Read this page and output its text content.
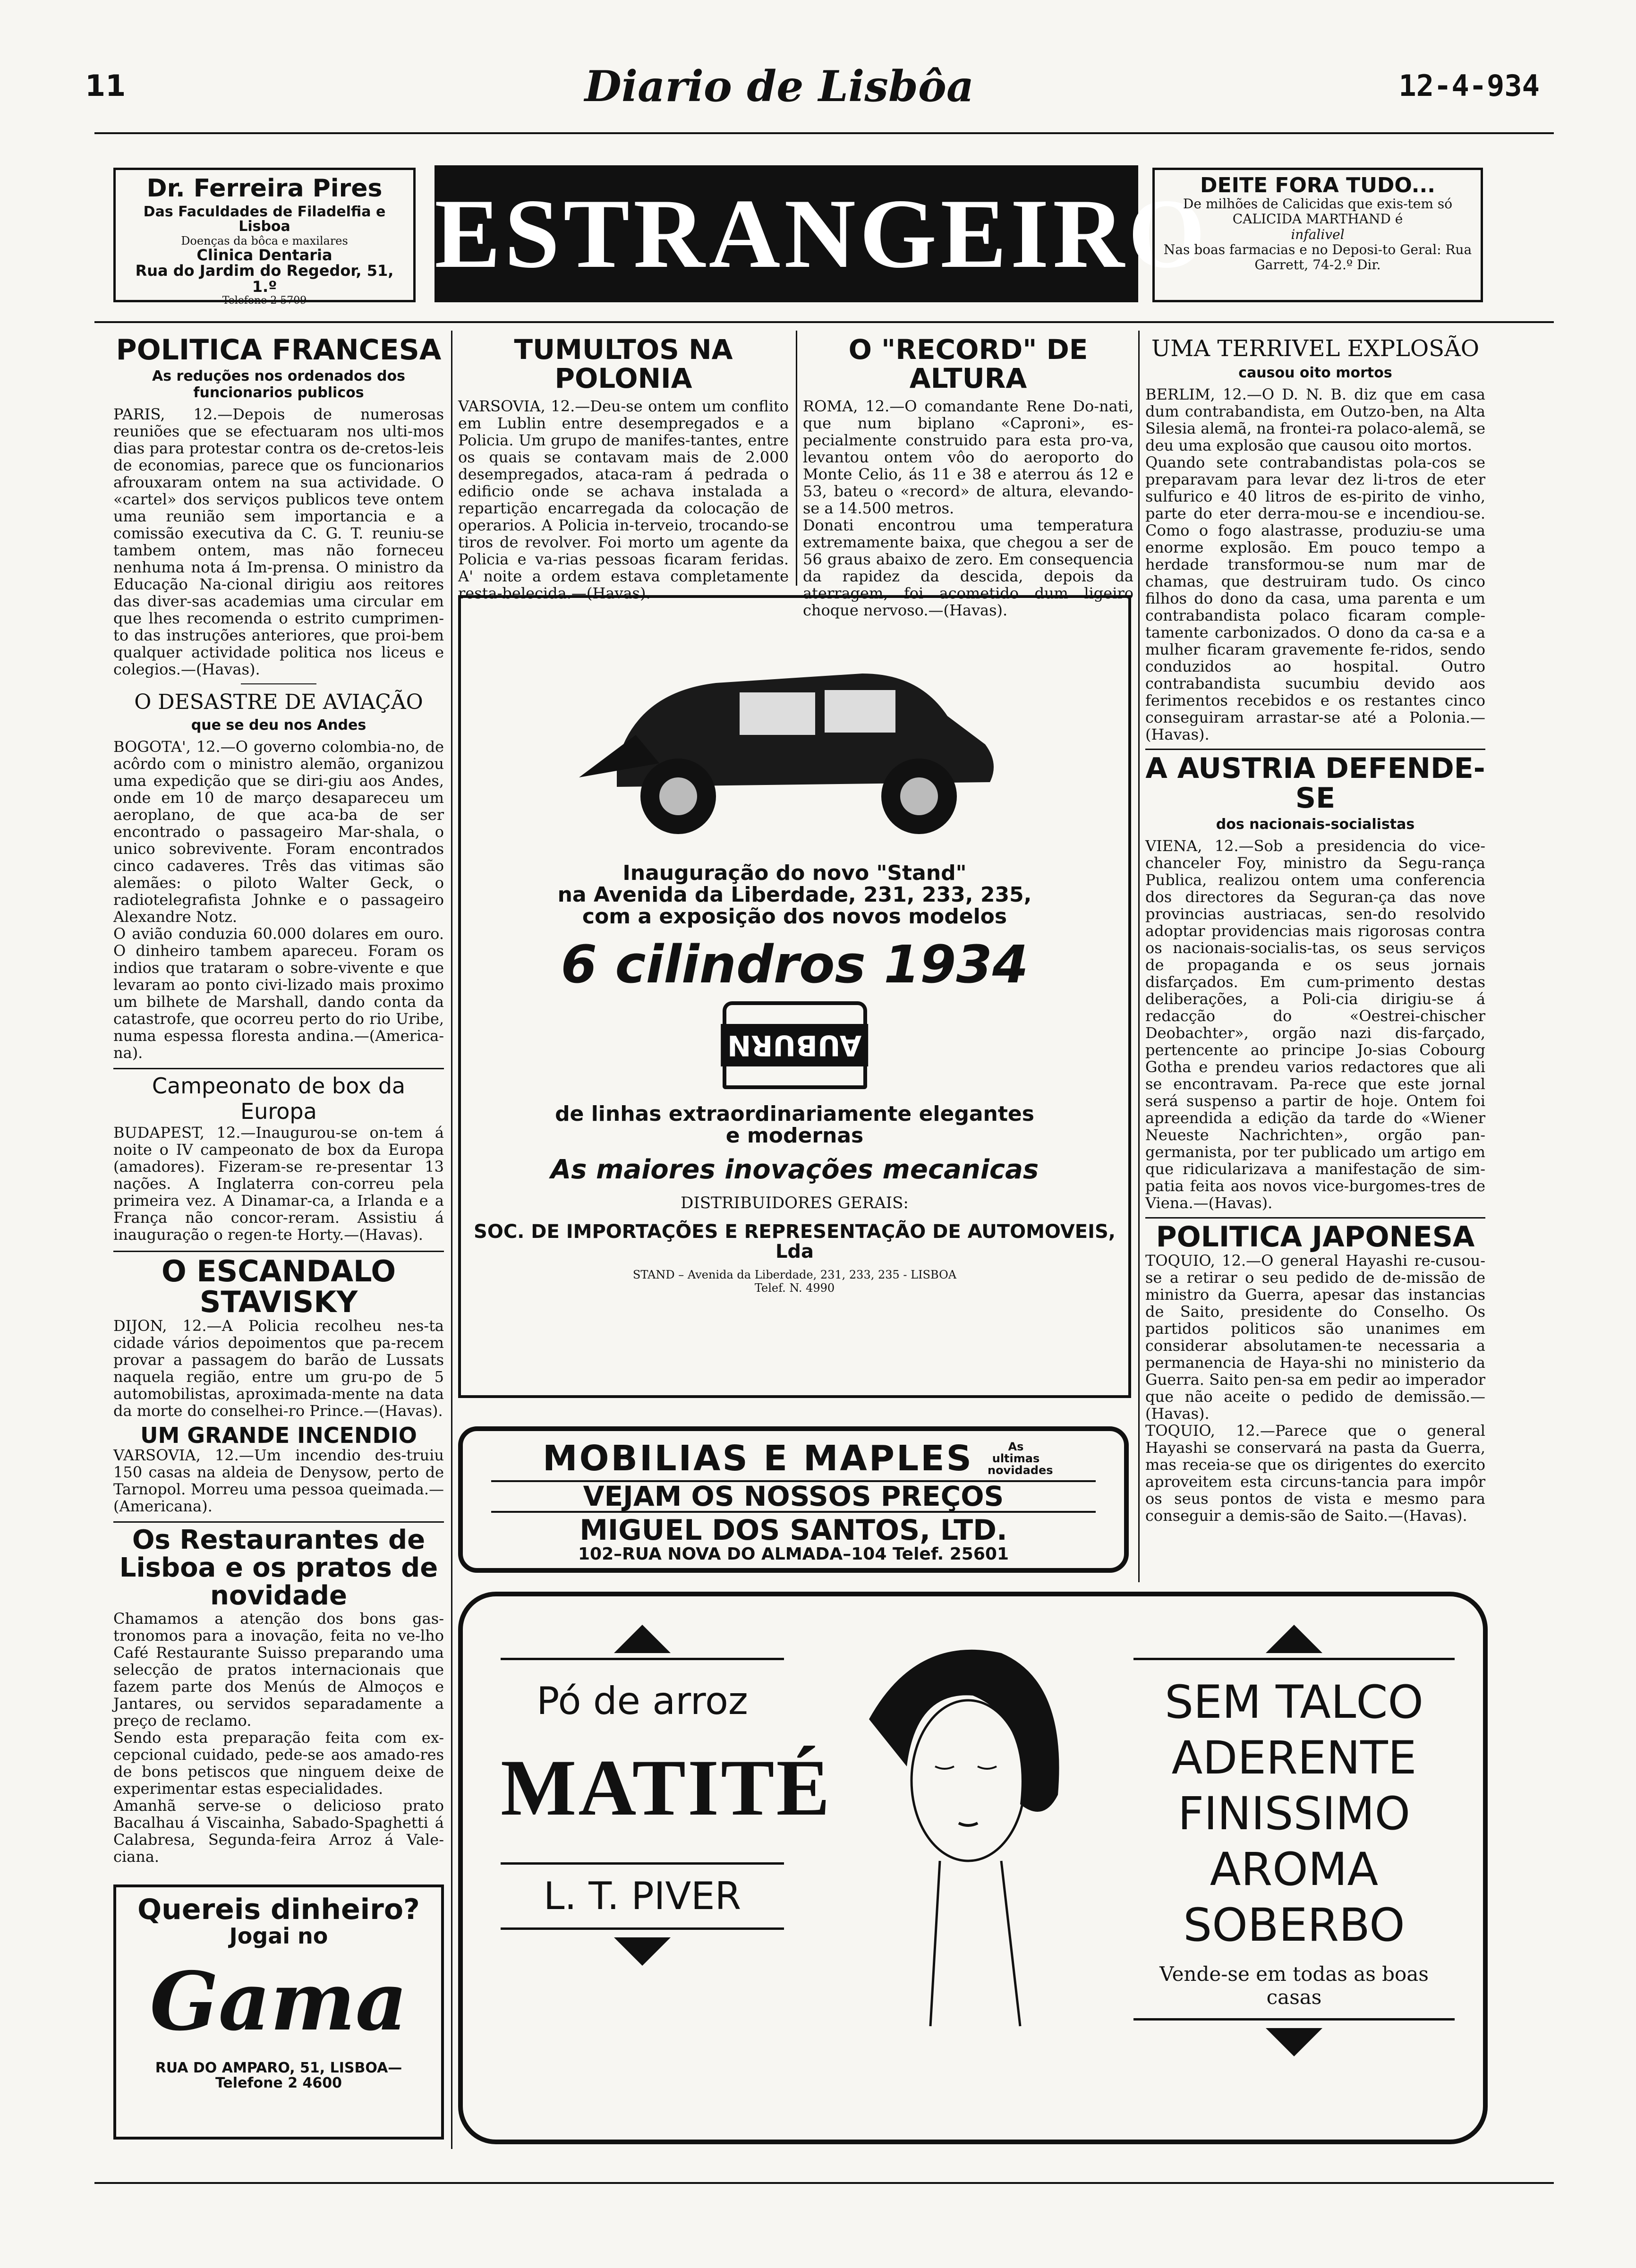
11	Diario de Lisbôa	12-4-934
Dr. Ferreira Pires
Das Faculdades de Filadelfia e Lisboa
Doenças da bôca e maxilares
Clinica Dentaria
Rua do Jardim do Regedor, 51, 1.º
Telefone 2 5709
ESTRANGEIRO
DEITE FORA TUDO...
De milhões de Calicidas que exis-tem só CALICIDA MARTHAND é
infalivel
Nas boas farmacias e no Deposi-to Geral: Rua Garrett, 74-2.º Dir.
POLITICA FRANCESA
As reduções nos ordenados dos funcionarios publicos

PARIS, 12.—Depois de numerosas reuniões que se efectuaram nos ulti-mos dias para protestar contra os de-cretos-leis de economias, parece que os funcionarios afrouxaram ontem na sua actividade. O «cartel» dos serviços publicos teve ontem uma reunião sem importancia e a comissão executiva da C. G. T. reuniu-se tambem ontem, mas não forneceu nenhuma nota á Im-prensa. O ministro da Educação Na-cional dirigiu aos reitores das diver-sas academias uma circular em que lhes recomenda o estrito cumprimen-to das instruções anteriores, que proi-bem qualquer actividade politica nos liceus e colegios.—(Havas).

O DESASTRE DE AVIAÇÃO
que se deu nos Andes

BOGOTA', 12.—O governo colombia-no, de acôrdo com o ministro alemão, organizou uma expedição que se diri-giu aos Andes, onde em 10 de março desapareceu um aeroplano, de que aca-ba de ser encontrado o passageiro Mar-shala, o unico sobrevivente. Foram encontrados cinco cadaveres. Três das vitimas são alemães: o piloto Walter Geck, o radiotelegrafista Johnke e o passageiro Alexandre Notz.
O avião conduzia 60.000 dolares em ouro. O dinheiro tambem apareceu. Foram os indios que trataram o sobre-vivente e que levaram ao ponto civi-lizado mais proximo um bilhete de Marshall, dando conta da catastrofe, que ocorreu perto do rio Uribe, numa espessa floresta andina.—(America-na).

Campeonato de box da Europa

BUDAPEST, 12.—Inaugurou-se on-tem á noite o IV campeonato de box da Europa (amadores). Fizeram-se re-presentar 13 nações. A Inglaterra con-correu pela primeira vez. A Dinamar-ca, a Irlanda e a França não concor-reram. Assistiu á inauguração o regen-te Horty.—(Havas).

O ESCANDALO STAVISKY

DIJON, 12.—A Policia recolheu nes-ta cidade vários depoimentos que pa-recem provar a passagem do barão de Lussats naquela região, entre um gru-po de 5 automobilistas, aproximada-mente na data da morte do conselhei-ro Prince.—(Havas).

UM GRANDE INCENDIO

VARSOVIA, 12.—Um incendio des-truiu 150 casas na aldeia de Denysow, perto de Tarnopol. Morreu uma pessoa queimada.—(Americana).

Os Restaurantes de Lisboa e os pratos de novidade

Chamamos a atenção dos bons gas-tronomos para a inovação, feita no ve-lho Café Restaurante Suisso preparando uma selecção de pratos internacionais que fazem parte dos Menús de Almoços e Jantares, ou servidos separadamente a preço de reclamo.
Sendo esta preparação feita com ex-cepcional cuidado, pede-se aos amado-res de bons petiscos que ninguem deixe de experimentar estas especialidades.
Amanhã serve-se o delicioso prato Bacalhau á Viscainha, Sabado-Spaghetti á Calabresa, Segunda-feira Arroz á Vale-ciana.

Quereis dinheiro?
Jogai no
Gama
RUA DO AMPARO, 51, LISBOA—Telefone 2 4600
TUMULTOS NA POLONIA

VARSOVIA, 12.—Deu-se ontem um conflito em Lublin entre desempregados e a Policia. Um grupo de manifes-tantes, entre os quais se contavam mais de 2.000 desempregados, ataca-ram á pedrada o edificio onde se achava instalada a repartição encarregada da colocação de operarios. A Policia in-terveio, trocando-se tiros de revolver. Foi morto um agente da Policia e va-rias pessoas ficaram feridas. A' noite a ordem estava completamente resta-belecida.—(Havas).

O "RECORD" DE ALTURA

ROMA, 12.—O comandante Rene Do-nati, que num biplano «Caproni», es-pecialmente construido para esta pro-va, levantou ontem vôo do aeroporto do Monte Celio, ás 11 e 38 e aterrou ás 12 e 53, bateu o «record» de altura, elevando-se a 14.500 metros.
Donati encontrou uma temperatura extremamente baixa, que chegou a ser de 56 graus abaixo de zero. Em consequencia da rapidez da descida, depois da aterragem, foi acometido dum ligeiro choque nervoso.—(Havas).

Inauguração do novo "Stand"
na Avenida da Liberdade, 231, 233, 235,
com a exposição dos novos modelos
6 cilindros 1934
AUBURN
de linhas extraordinariamente elegantes
e modernas
As maiores inovações mecanicas
DISTRIBUIDORES GERAIS:
SOC. DE IMPORTAÇÕES E REPRESENTAÇÃO DE AUTOMOVEIS, Lda
STAND – Avenida da Liberdade, 231, 233, 235 - LISBOA
Telef. N. 4990
MOBILIAS E MAPLES	As ultimas novidades
VEJAM OS NOSSOS PREÇOS
MIGUEL DOS SANTOS, LTD.
102–RUA NOVA DO ALMADA–104 Telef. 25601
UMA TERRIVEL EXPLOSÃO
causou oito mortos

BERLIM, 12.—O D. N. B. diz que em casa dum contrabandista, em Outzo-ben, na Alta Silesia alemã, na frontei-ra polaco-alemã, se deu uma explosão que causou oito mortos.
Quando sete contrabandistas pola-cos se preparavam para levar dez li-tros de eter sulfurico e 40 litros de es-pirito de vinho, parte do eter derra-mou-se e incendiou-se. Como o fogo alastrasse, produziu-se uma enorme explosão. Em pouco tempo a herdade transformou-se num mar de chamas, que destruiram tudo. Os cinco filhos do dono da casa, uma parenta e um contrabandista polaco ficaram comple-tamente carbonizados. O dono da ca-sa e a mulher ficaram gravemente fe-ridos, sendo conduzidos ao hospital. Outro contrabandista sucumbiu devido aos ferimentos recebidos e os restantes cinco conseguiram arrastar-se até a Polonia.—(Havas).

A AUSTRIA DEFENDE-SE
dos nacionais-socialistas

VIENA, 12.—Sob a presidencia do vice-chanceler Foy, ministro da Segu-rança Publica, realizou ontem uma conferencia dos directores da Seguran-ça das nove provincias austriacas, sen-do resolvido adoptar providencias mais rigorosas contra os nacionais-socialis-tas, os seus serviços de propaganda e os seus jornais disfarçados. Em cum-primento destas deliberações, a Poli-cia dirigiu-se á redacção do «Oestrei-chischer Deobachter», orgão nazi dis-farçado, pertencente ao principe Jo-sias Cobourg Gotha e prendeu varios redactores que ali se encontravam. Pa-rece que este jornal será suspenso a partir de hoje. Ontem foi apreendida a edição da tarde do «Wiener Neueste Nachrichten», orgão pan-germanista, por ter publicado um artigo em que ridicularizava a manifestação de sim-patia feita aos novos vice-burgomes-tres de Viena.—(Havas).

POLITICA JAPONESA

TOQUIO, 12.—O general Hayashi re-cusou-se a retirar o seu pedido de de-missão de ministro da Guerra, apesar das instancias de Saito, presidente do Conselho. Os partidos politicos são unanimes em considerar absolutamen-te necessaria a permanencia de Haya-shi no ministerio da Guerra. Saito pen-sa em pedir ao imperador que não aceite o pedido de demissão.—(Havas).
TOQUIO, 12.—Parece que o general Hayashi se conservará na pasta da Guerra, mas receia-se que os dirigentes do exercito aproveitem esta circuns-tancia para impôr os seus pontos de vista e mesmo para conseguir a demis-são de Saito.—(Havas).

Pó de arroz
MATITÉ
L. T. PIVER
SEM TALCO
ADERENTE
FINISSIMO
AROMA
SOBERBO
Vende-se em todas as boas casas
